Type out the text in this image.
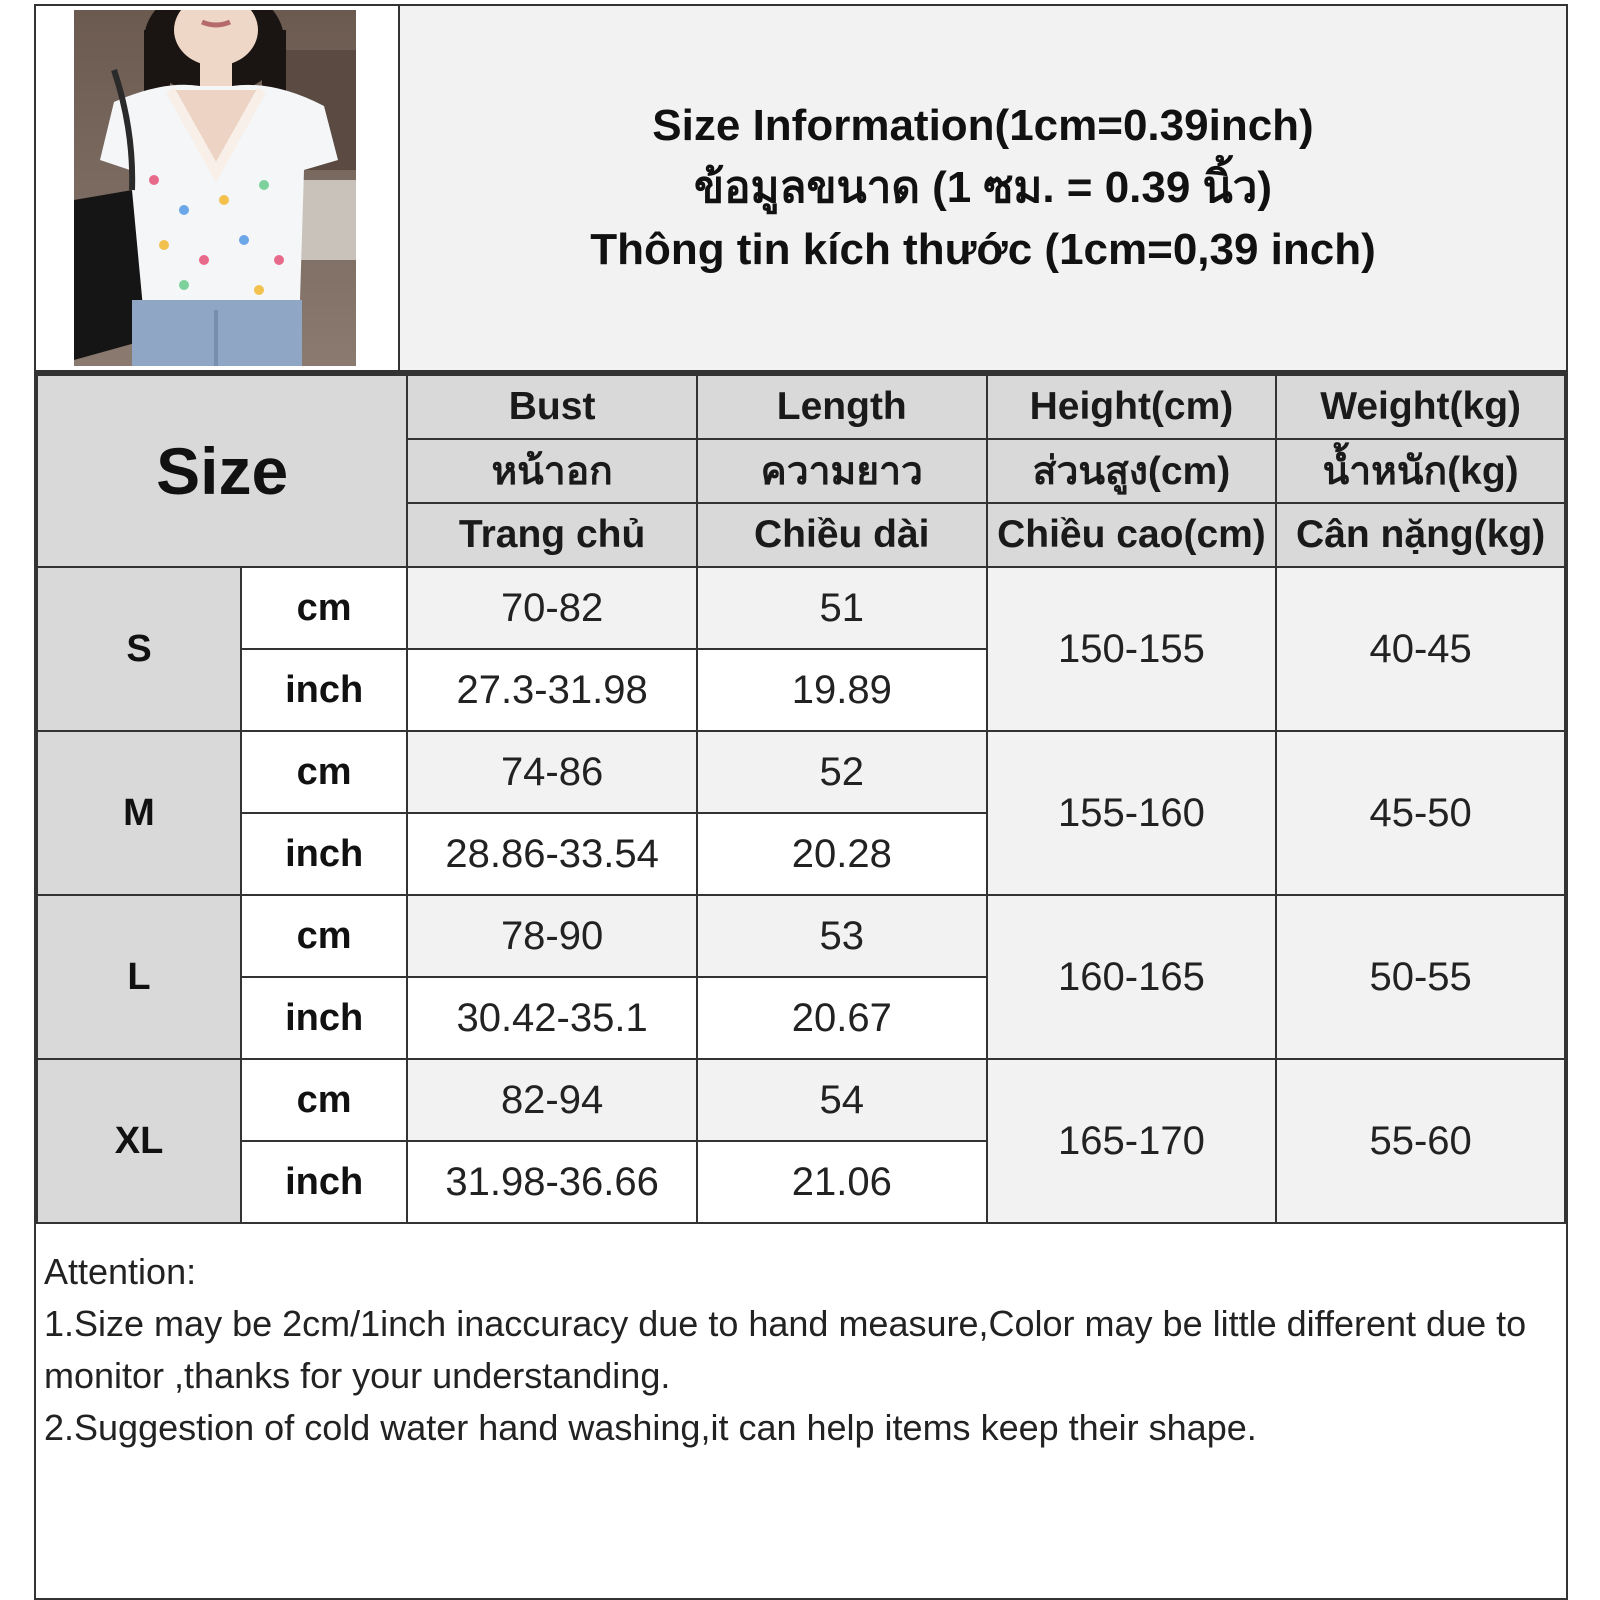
Size Information(1cm=0.39inch)
ข้อมูลขนาด (1 ซม. = 0.39 นิ้ว)
Thông tin kích thước (1cm=0,39 inch)
Size		Bust	Length	Height(cm)	Weight(kg)
		หน้าอก	ความยาว	ส่วนสูง(cm)	น้ำหนัก(kg)
		Trang chủ	Chiều dài	Chiều cao(cm)	Cân nặng(kg)
S	cm	70-82	51	150-155	40-45
	inch	27.3-31.98	19.89		
M	cm	74-86	52	155-160	45-50
	inch	28.86-33.54	20.28		
L	cm	78-90	53	160-165	50-55
	inch	30.42-35.1	20.67		
XL	cm	82-94	54	165-170	55-60
	inch	31.98-36.66	21.06		

Attention:

1.Size may be 2cm/1inch inaccuracy due to hand measure,Color may be little different due to monitor ,thanks for your understanding.

2.Suggestion of cold water hand washing,it can help items keep their shape.
